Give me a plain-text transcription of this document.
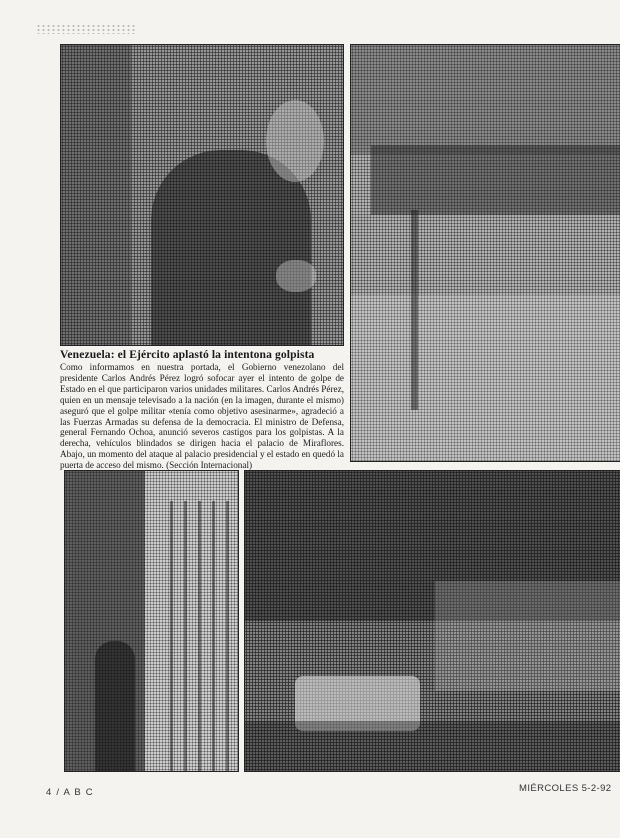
Venezuela: el Ejército aplastó la intentona golpista
Como informamos en nuestra portada, el Gobierno venezolano del presidente Carlos Andrés Pérez logró sofocar ayer el intento de golpe de Estado en el que participaron varios unidades militares. Carlos Andrés Pérez, quien en un mensaje televisado a la nación (en la imagen, durante el mismo) aseguró que el golpe militar «tenía como objetivo asesinarme», agradeció a las Fuerzas Armadas su defensa de la democracia. El ministro de Defensa, general Fernando Ochoa, anunció severos castigos para los golpistas. A la derecha, vehículos blindados se dirigen hacia el palacio de Miraflores. Abajo, un momento del ataque al palacio presidencial y el estado en quedó la puerta de acceso del mismo. (Sección Internacional)
4 / A B C	MIÉRCOLES 5-2-92
